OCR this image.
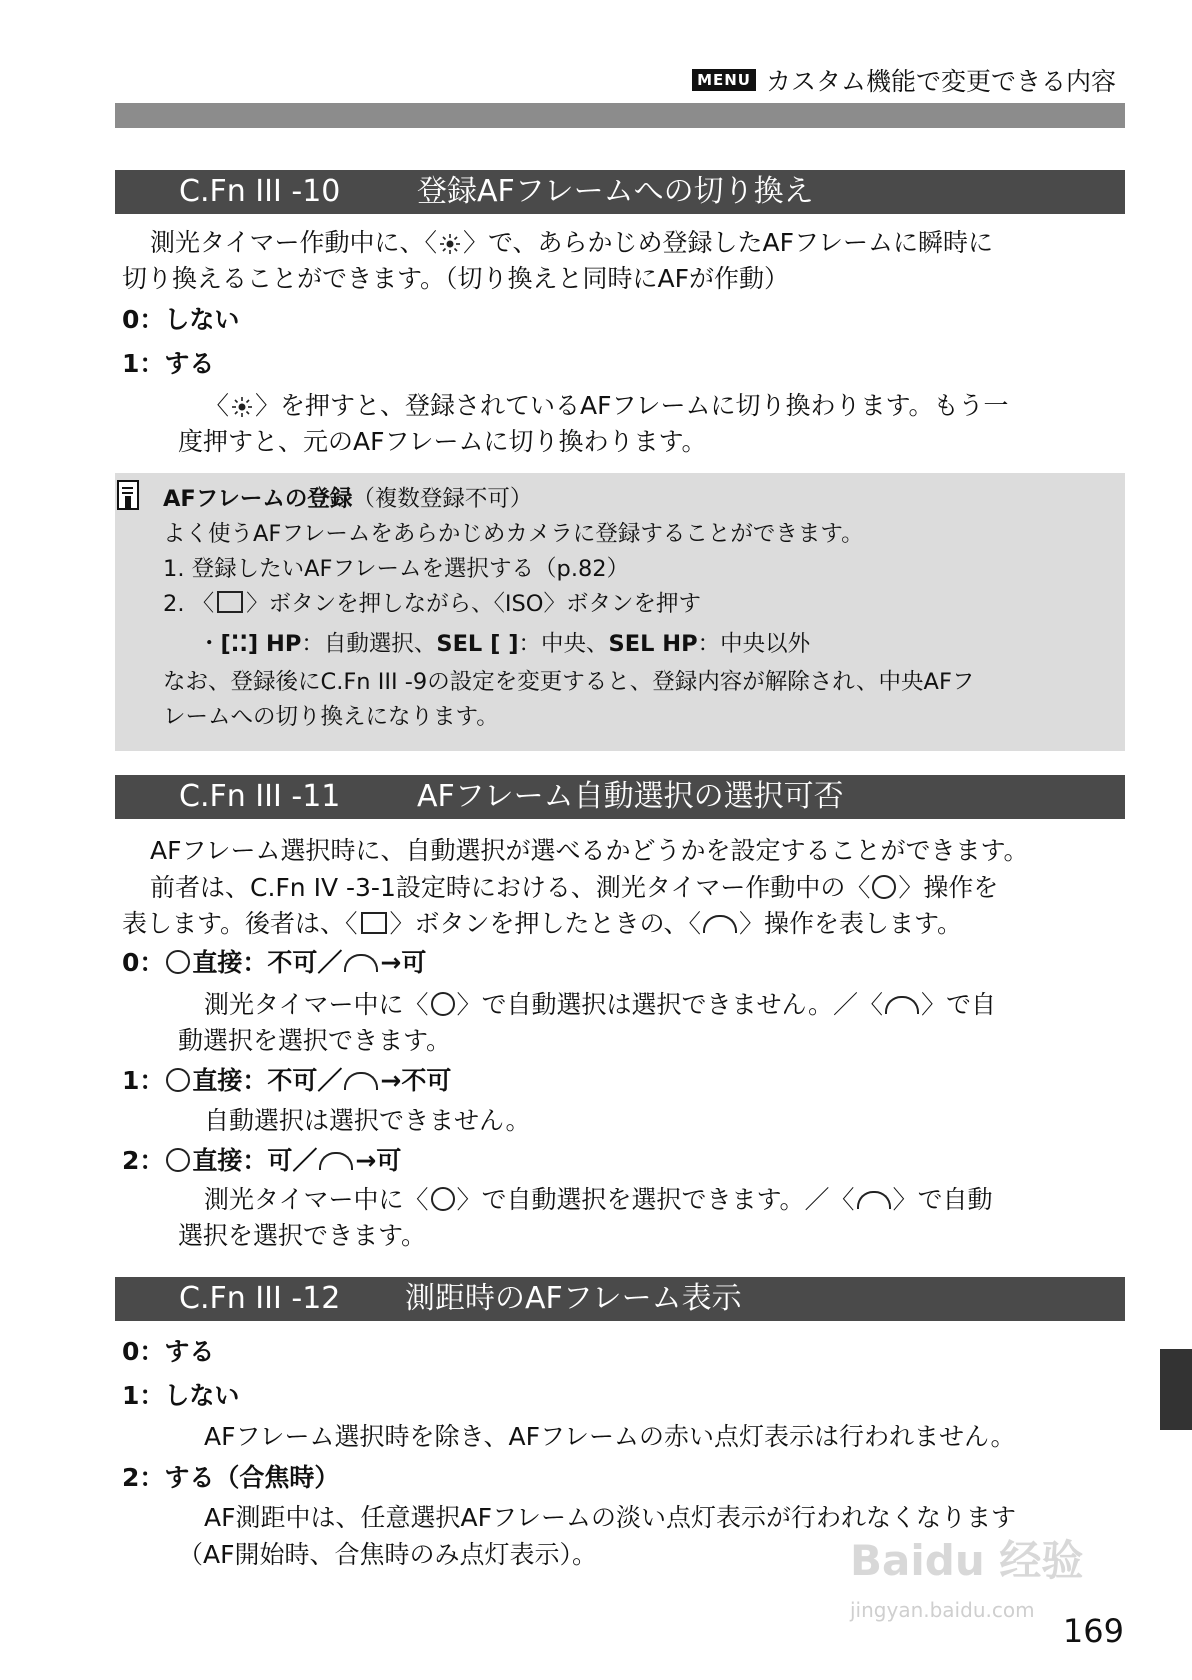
MENU カスタム機能で変更できる内容
C.Fn III -10	登録AFフレームへの切り換え
測光タイマー作動中に、〈 〉で、あらかじめ登録したAFフレームに瞬時に
切り換えることができます。（切り換えと同時にAFが作動）
0：しない
1：する
〈 〉を押すと、登録されているAFフレームに切り換わります。もう一
度押すと、元のAFフレームに切り換わります。
AFフレームの登録（複数登録不可）
よく使うAFフレームをあらかじめカメラに登録することができます。
1. 登録したいAFフレームを選択する（p.82）
2. 〈 〉ボタンを押しながら、〈ISO〉ボタンを押す
・[⁚⁚] HP：自動選択、SEL [ ]：中央、SEL HP：中央以外
なお、登録後にC.Fn III -9の設定を変更すると、登録内容が解除され、中央AFフ
レームへの切り換えになります。
C.Fn III -11	AFフレーム自動選択の選択可否
AFフレーム選択時に、自動選択が選べるかどうかを設定することができます。
前者は、C.Fn IV -3-1設定時における、測光タイマー作動中の〈 〉操作を
表します。後者は、〈 〉ボタンを押したときの、〈 〉操作を表します。
0： 直接：不可／ →可
測光タイマー中に〈 〉で自動選択は選択できません。／〈 〉で自
動選択を選択できます。
1： 直接：不可／ →不可
自動選択は選択できません。
2： 直接：可／ →可
測光タイマー中に〈 〉で自動選択を選択できます。／〈 〉で自動
選択を選択できます。
C.Fn III -12 測距時のAFフレーム表示
0：する
1：しない
AFフレーム選択時を除き、AFフレームの赤い点灯表示は行われません。
2：する（合焦時）
AF測距中は、任意選択AFフレームの淡い点灯表示が行われなくなります
（AF開始時、合焦時のみ点灯表示）。	Baidu 经验
jingyan.baidu.com
169
